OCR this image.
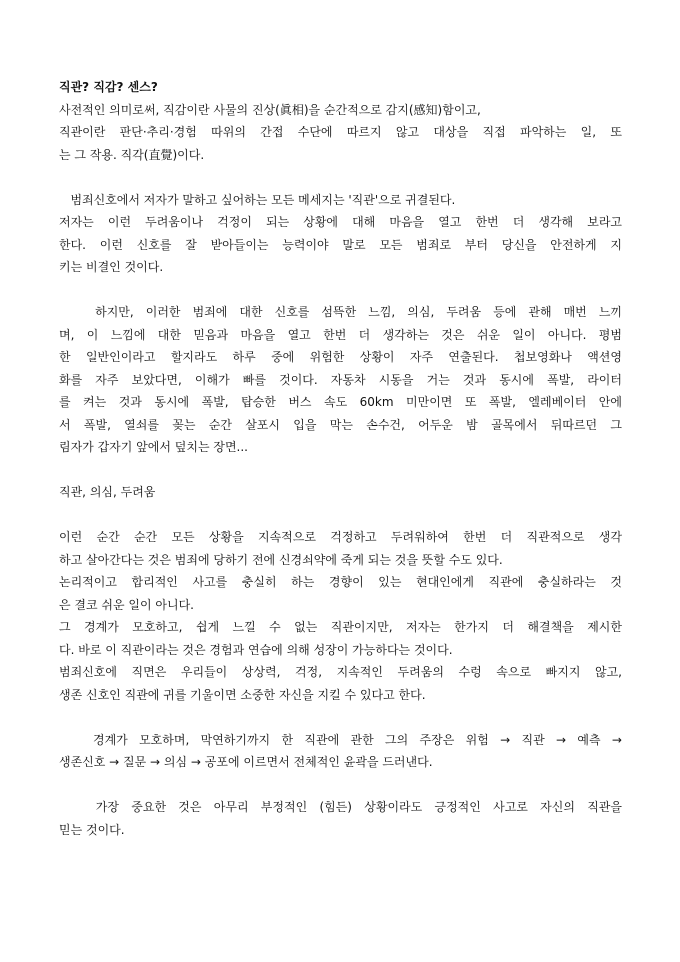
직관? 직감? 센스?
사전적인 의미로써, 직감이란 사물의 진상(眞相)을 순간적으로 감지(感知)함이고,
직관이란 판단·추리·경험 따위의 간접 수단에 따르지 않고 대상을 직접 파악하는 일, 또
는 그 작용. 직각(直覺)이다.
범죄신호에서 저자가 말하고 싶어하는 모든 메세지는 '직관'으로 귀결된다.
저자는 이런 두려움이나 걱정이 되는 상황에 대해 마음을 열고 한번 더 생각해 보라고
한다. 이런 신호를 잘 받아들이는 능력이야 말로 모든 범죄로 부터 당신을 안전하게 지
키는 비결인 것이다.
하지만, 이러한 범죄에 대한 신호를 섬뜩한 느낌, 의심, 두려움 등에 관해 매번 느끼
며, 이 느낌에 대한 믿음과 마음을 열고 한번 더 생각하는 것은 쉬운 일이 아니다. 평범
한 일반인이라고 할지라도 하루 중에 위험한 상황이 자주 연출된다. 첩보영화나 액션영
화를 자주 보았다면, 이해가 빠를 것이다. 자동차 시동을 거는 것과 동시에 폭발, 라이터
를 켜는 것과 동시에 폭발, 탑승한 버스 속도 60km 미만이면 또 폭발, 엘레베이터 안에
서 폭발, 열쇠를 꽂는 순간 살포시 입을 막는 손수건, 어두운 밤 골목에서 뒤따르던 그
림자가 갑자기 앞에서 덮치는 장면...
직관, 의심, 두려움
이런 순간 순간 모든 상황을 지속적으로 걱정하고 두려워하여 한번 더 직관적으로 생각
하고 살아간다는 것은 범죄에 당하기 전에 신경쇠약에 죽게 되는 것을 뜻할 수도 있다.
논리적이고 합리적인 사고를 충실히 하는 경향이 있는 현대인에게 직관에 충실하라는 것
은 결코 쉬운 일이 아니다.
그 경계가 모호하고, 쉽게 느낄 수 없는 직관이지만, 저자는 한가지 더 해결책을 제시한
다. 바로 이 직관이라는 것은 경험과 연습에 의해 성장이 가능하다는 것이다.
범죄신호에 직면은 우리들이 상상력, 걱정, 지속적인 두려움의 수렁 속으로 빠지지 않고,
생존 신호인 직관에 귀를 기울이면 소중한 자신을 지킬 수 있다고 한다.
경계가 모호하며, 막연하기까지 한 직관에 관한 그의 주장은 위험 → 직관 → 예측 →
생존신호 → 질문 → 의심 → 공포에 이르면서 전체적인 윤곽을 드러낸다.
가장 중요한 것은 아무리 부정적인 (힘든) 상황이라도 긍정적인 사고로 자신의 직관을
믿는 것이다.
